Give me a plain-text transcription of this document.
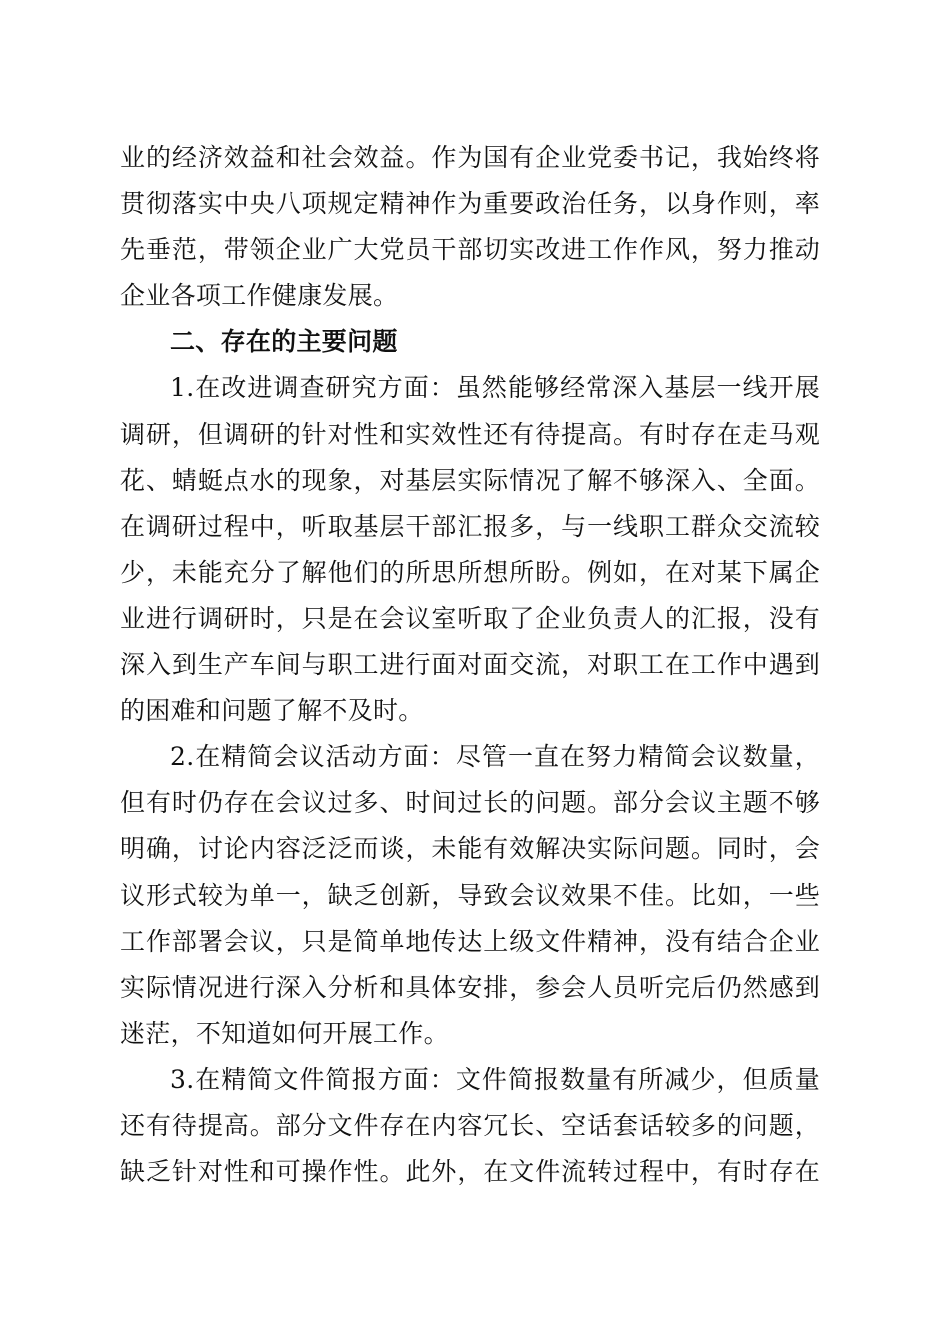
业的经济效益和社会效益。作为国有企业党委书记，我始终将
贯彻落实中央八项规定精神作为重要政治任务，以身作则，率
先垂范，带领企业广大党员干部切实改进工作作风，努力推动
企业各项工作健康发展。
二、存在的主要问题
1.在改进调查研究方面：虽然能够经常深入基层一线开展
调研，但调研的针对性和实效性还有待提高。有时存在走马观
花、蜻蜓点水的现象，对基层实际情况了解不够深入、全面。
在调研过程中，听取基层干部汇报多，与一线职工群众交流较
少，未能充分了解他们的所思所想所盼。例如，在对某下属企
业进行调研时，只是在会议室听取了企业负责人的汇报，没有
深入到生产车间与职工进行面对面交流，对职工在工作中遇到
的困难和问题了解不及时。
2.在精简会议活动方面：尽管一直在努力精简会议数量，
但有时仍存在会议过多、时间过长的问题。部分会议主题不够
明确，讨论内容泛泛而谈，未能有效解决实际问题。同时，会
议形式较为单一，缺乏创新，导致会议效果不佳。比如，一些
工作部署会议，只是简单地传达上级文件精神，没有结合企业
实际情况进行深入分析和具体安排，参会人员听完后仍然感到
迷茫，不知道如何开展工作。
3.在精简文件简报方面：文件简报数量有所减少，但质量
还有待提高。部分文件存在内容冗长、空话套话较多的问题，
缺乏针对性和可操作性。此外，在文件流转过程中，有时存在
